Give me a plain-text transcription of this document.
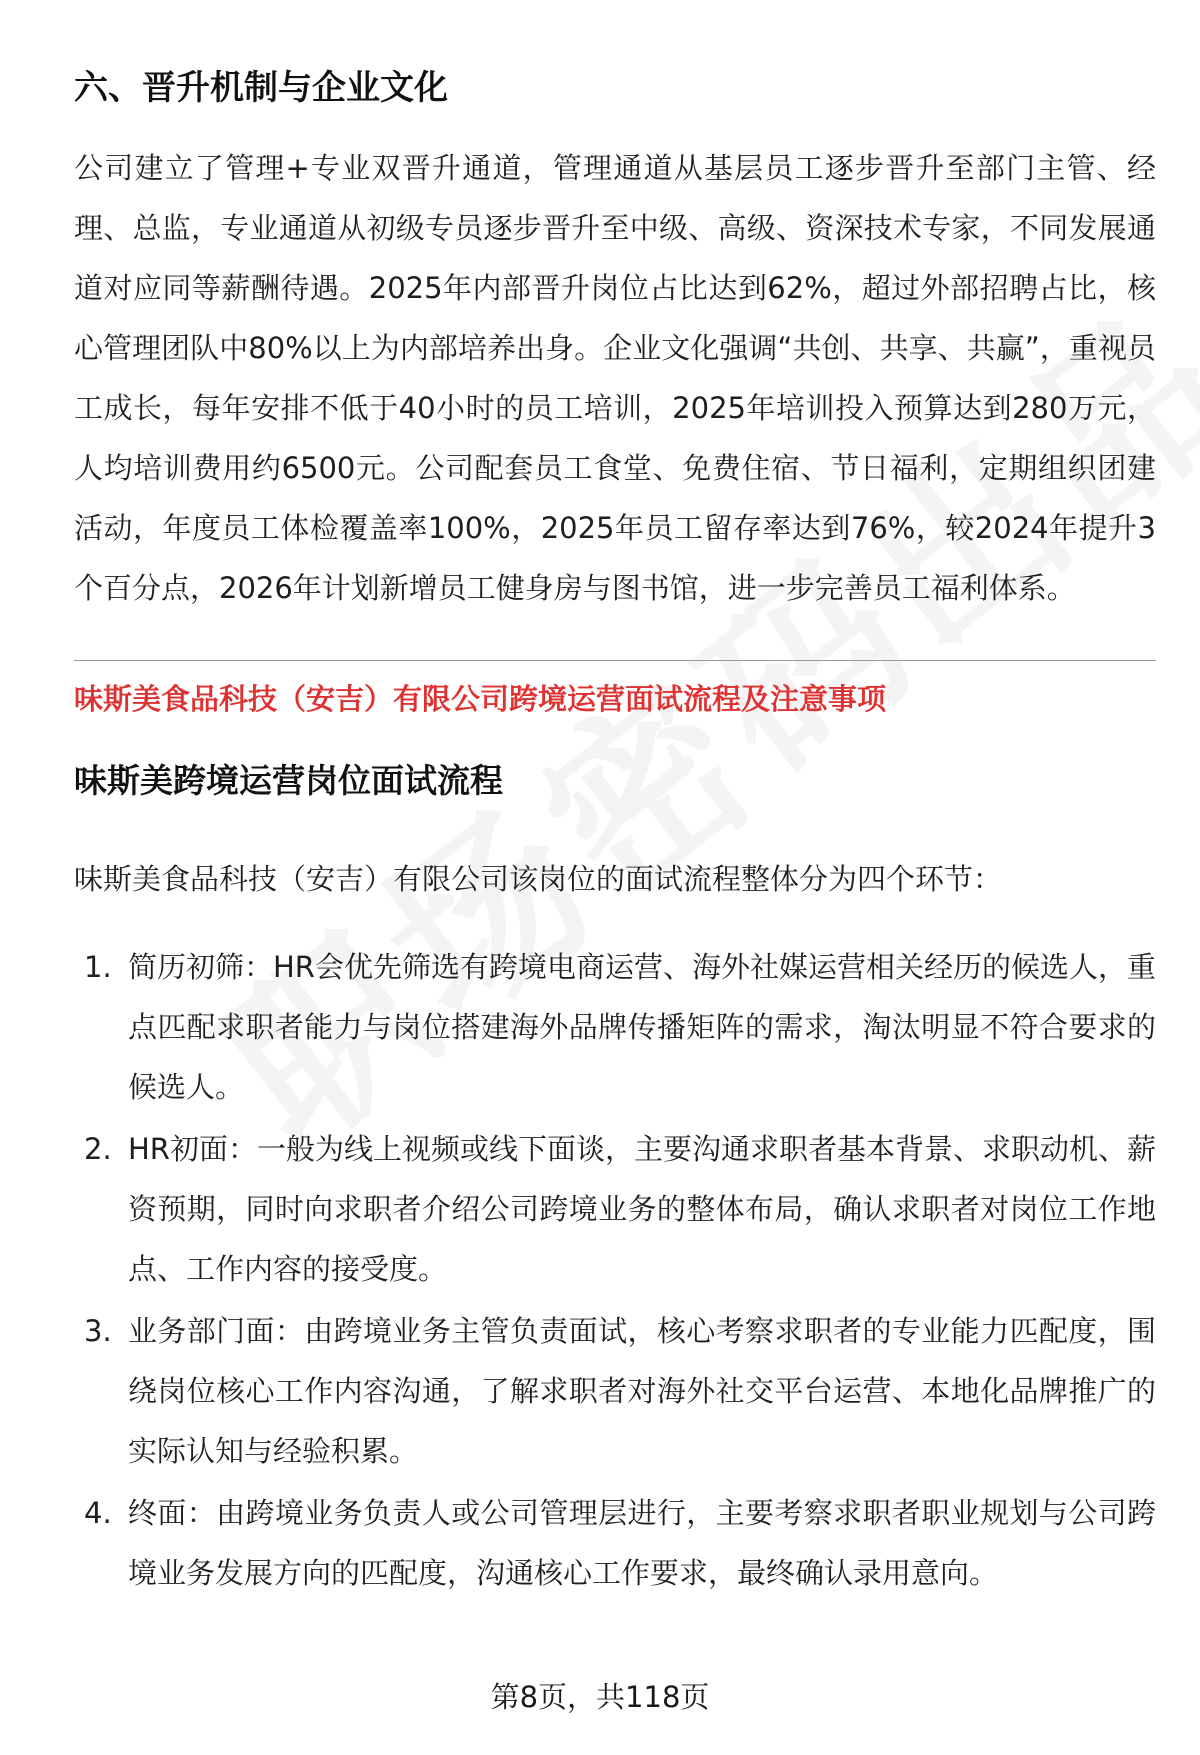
六、晋升机制与企业文化

公司建立了管理+专业双晋升通道，管理通道从基层员工逐步晋升至部门主管、经理、总监，专业通道从初级专员逐步晋升至中级、高级、资深技术专家，不同发展通道对应同等薪酬待遇。2025年内部晋升岗位占比达到62%，超过外部招聘占比，核心管理团队中80%以上为内部培养出身。企业文化强调“共创、共享、共赢”，重视员工成长，每年安排不低于40小时的员工培训，2025年培训投入预算达到280万元，人均培训费用约6500元。公司配套员工食堂、免费住宿、节日福利，定期组织团建活动，年度员工体检覆盖率100%，2025年员工留存率达到76%，较2024年提升3个百分点，2026年计划新增员工健身房与图书馆，进一步完善员工福利体系。

味斯美食品科技（安吉）有限公司跨境运营面试流程及注意事项
味斯美跨境运营岗位面试流程

味斯美食品科技（安吉）有限公司该岗位的面试流程整体分为四个环节：

1. 简历初筛：HR会优先筛选有跨境电商运营、海外社媒运营相关经历的候选人，重点匹配求职者能力与岗位搭建海外品牌传播矩阵的需求，淘汰明显不符合要求的候选人。
2. HR初面：一般为线上视频或线下面谈，主要沟通求职者基本背景、求职动机、薪资预期，同时向求职者介绍公司跨境业务的整体布局，确认求职者对岗位工作地点、工作内容的接受度。
3. 业务部门面：由跨境业务主管负责面试，核心考察求职者的专业能力匹配度，围绕岗位核心工作内容沟通，了解求职者对海外社交平台运营、本地化品牌推广的实际认知与经验积累。
4. 终面：由跨境业务负责人或公司管理层进行，主要考察求职者职业规划与公司跨境业务发展方向的匹配度，沟通核心工作要求，最终确认录用意向。
第8页，共118页
